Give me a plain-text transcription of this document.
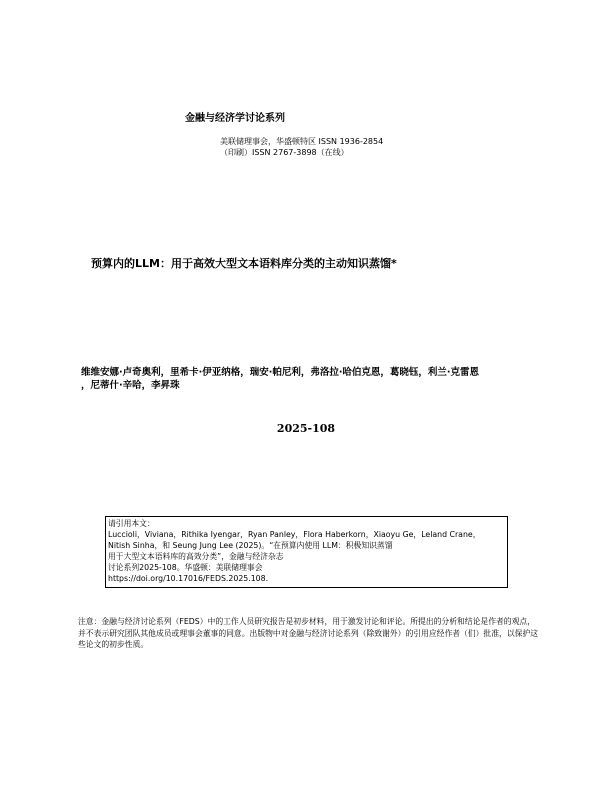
金融与经济学讨论系列
美联储理事会，华盛顿特区 ISSN 1936-2854
（印刷）ISSN 2767-3898（在线）
预算内的LLM：用于高效大型文本语料库分类的主动知识蒸馏*
维维安娜·卢奇奥利，里希卡·伊亚纳格，瑞安·帕尼利，弗洛拉·哈伯克恩，葛晓钰，利兰·克雷恩
，尼蒂什·辛哈，李昇珠
2025-108
请引用本文：
Luccioli，Viviana，Rithika Iyengar，Ryan Panley，Flora Haberkorn，Xiaoyu Ge，Leland Crane，
Nitish Sinha，和 Seung Jung Lee (2025)。“在预算内使用 LLM：积极知识蒸馏
用于大型文本语料库的高效分类”，金融与经济杂志
讨论系列2025-108。华盛顿：美联储理事会
https://doi.org/10.17016/FEDS.2025.108.
注意：金融与经济讨论系列（FEDS）中的工作人员研究报告是初步材料，用于激发讨论和评论。所提出的分析和结论是作者的观点，并不表示研究团队其他成员或理事会董事的同意。出版物中对金融与经济讨论系列（除致谢外）的引用应经作者（们）批准，以保护这些论文的初步性质。
